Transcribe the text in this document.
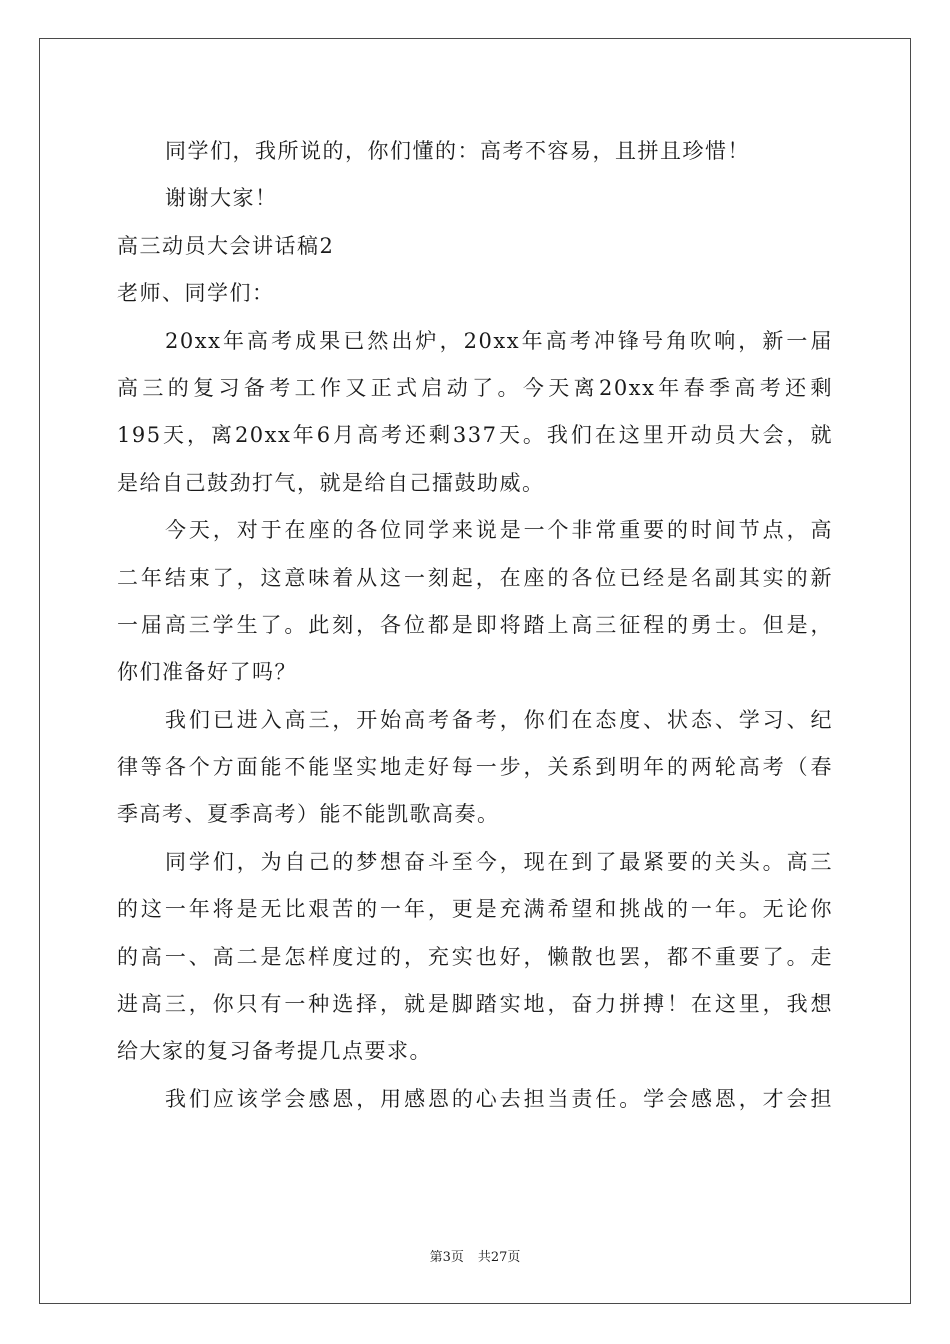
同学们，我所说的，你们懂的：高考不容易，且拼且珍惜！
谢谢大家！
高三动员大会讲话稿2
老师、同学们：
20xx年高考成果已然出炉，20xx年高考冲锋号角吹响，新一届
高三的复习备考工作又正式启动了。今天离20xx年春季高考还剩
195天，离20xx年6月高考还剩337天。我们在这里开动员大会，就
是给自己鼓劲打气，就是给自己擂鼓助威。
今天，对于在座的各位同学来说是一个非常重要的时间节点，高
二年结束了，这意味着从这一刻起，在座的各位已经是名副其实的新
一届高三学生了。此刻，各位都是即将踏上高三征程的勇士。但是，
你们准备好了吗？
我们已进入高三，开始高考备考，你们在态度、状态、学习、纪
律等各个方面能不能坚实地走好每一步，关系到明年的两轮高考（春
季高考、夏季高考）能不能凯歌高奏。
同学们，为自己的梦想奋斗至今，现在到了最紧要的关头。高三
的这一年将是无比艰苦的一年，更是充满希望和挑战的一年。无论你
的高一、高二是怎样度过的，充实也好，懒散也罢，都不重要了。走
进高三，你只有一种选择，就是脚踏实地，奋力拼搏！在这里，我想
给大家的复习备考提几点要求。
我们应该学会感恩，用感恩的心去担当责任。学会感恩，才会担
第3页 共27页
